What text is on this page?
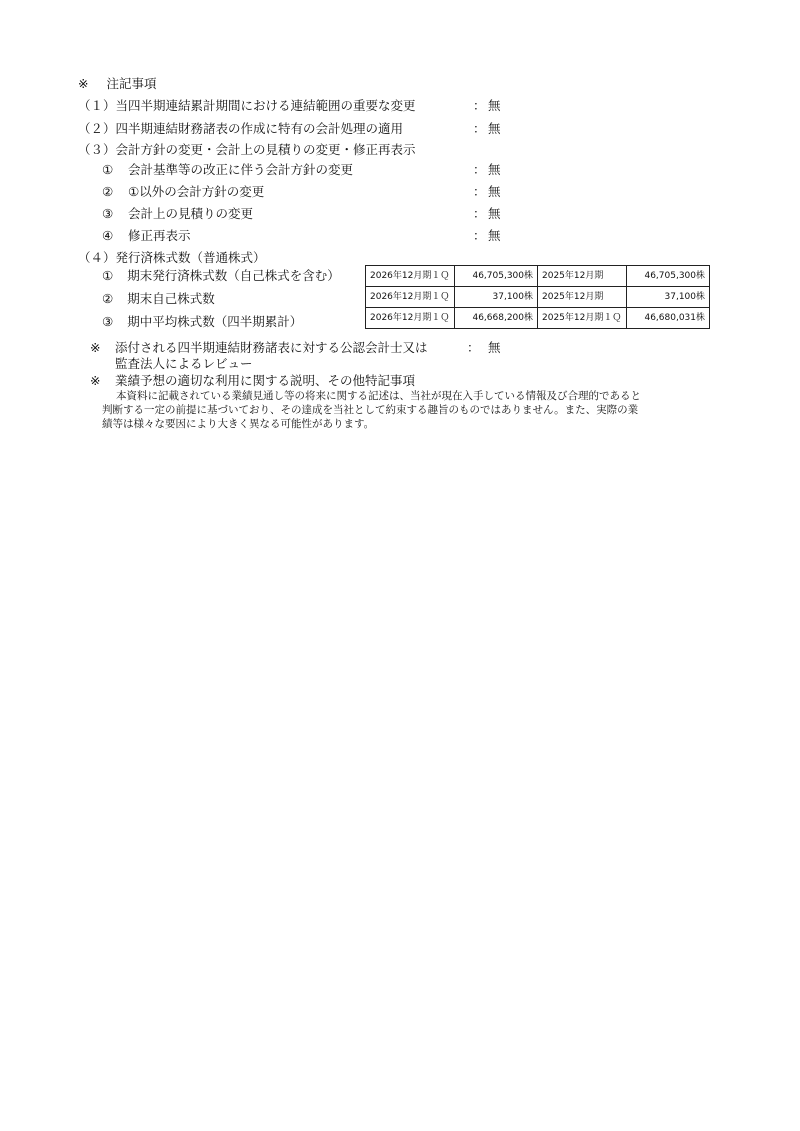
※ 注記事項
（１）当四半期連結累計期間における連結範囲の重要な変更	： 無
（２）四半期連結財務諸表の作成に特有の会計処理の適用	： 無
（３）会計方針の変更・会計上の見積りの変更・修正再表示
① 会計基準等の改正に伴う会計方針の変更	： 無
② ①以外の会計方針の変更	： 無
③ 会計上の見積りの変更	： 無
④ 修正再表示	： 無
（４）発行済株式数（普通株式）
① 期末発行済株式数（自己株式を含む）
② 期末自己株式数
③ 期中平均株式数（四半期累計）
2026年12月期１Ｑ	46,705,300株	2025年12月期	46,705,300株
2026年12月期１Ｑ	37,100株	2025年12月期	37,100株
2026年12月期１Ｑ	46,668,200株	2025年12月期１Ｑ	46,680,031株
※ 添付される四半期連結財務諸表に対する公認会計士又は	： 無
監査法人によるレビュー
※ 業績予想の適切な利用に関する説明、その他特記事項
本資料に記載されている業績見通し等の将来に関する記述は、当社が現在入手している情報及び合理的であると
判断する一定の前提に基づいており、その達成を当社として約束する趣旨のものではありません。また、実際の業
績等は様々な要因により大きく異なる可能性があります。
